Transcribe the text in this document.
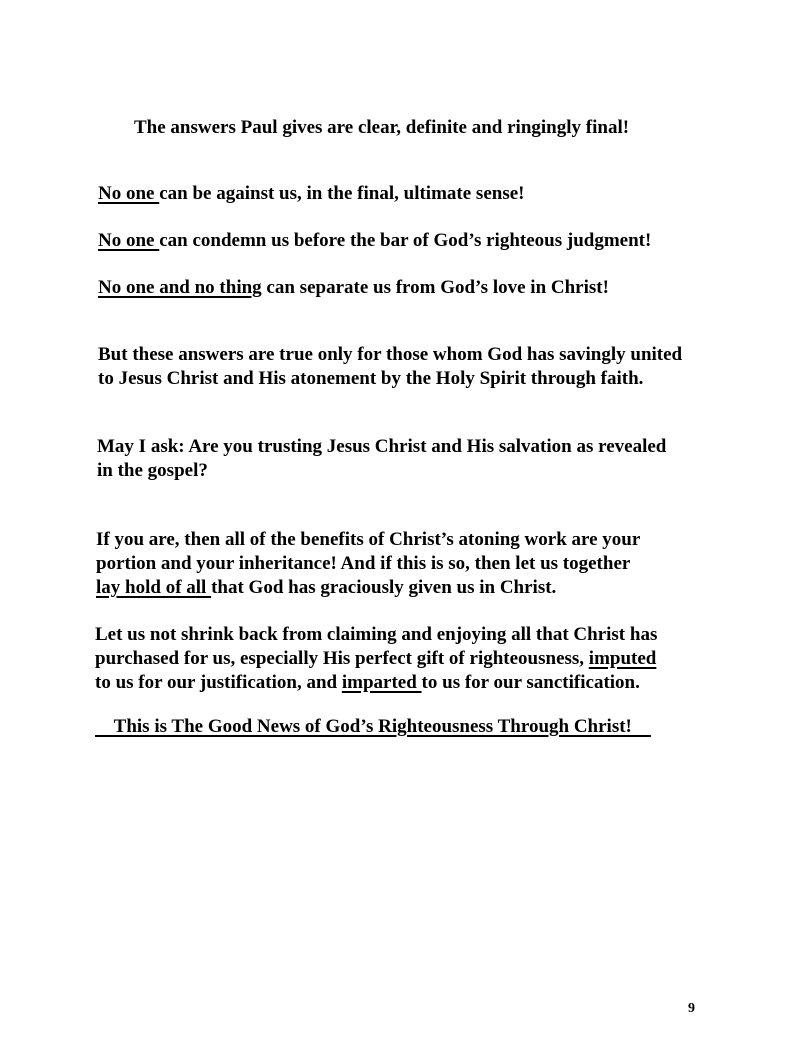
The answers Paul gives are clear, definite and ringingly final!
No one can be against us, in the final, ultimate sense!
No one can condemn us before the bar of God’s righteous judgment!
No one and no thing can separate us from God’s love in Christ!
But these answers are true only for those whom God has savingly united
to Jesus Christ and His atonement by the Holy Spirit through faith.
May I ask: Are you trusting Jesus Christ and His salvation as revealed
in the gospel?
If you are, then all of the benefits of Christ’s atoning work are your
portion and your inheritance! And if this is so, then let us together
lay hold of all that God has graciously given us in Christ.
Let us not shrink back from claiming and enjoying all that Christ has
purchased for us, especially His perfect gift of righteousness, imputed
to us for our justification, and imparted to us for our sanctification.
This is The Good News of God’s Righteousness Through Christ!
9
